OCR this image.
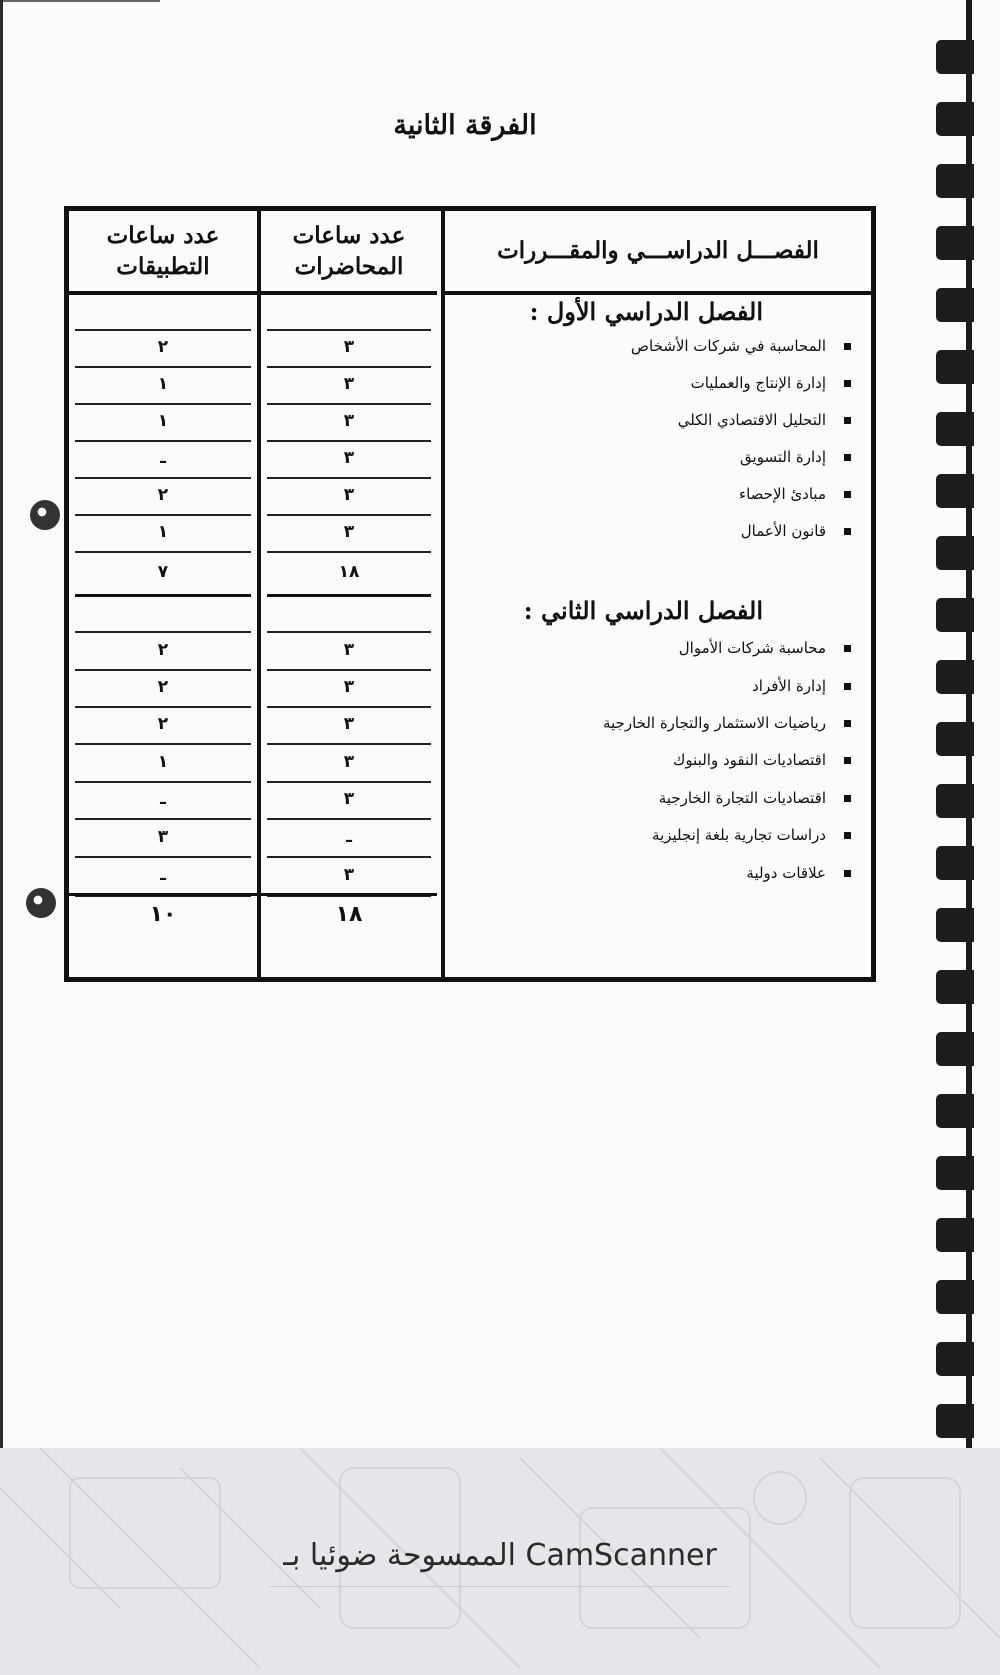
الفرقة الثانية
الفصـــل الدراســـي والمقـــررات
الفصل الدراسي الأول :
المحاسبة في شركات الأشخاص
إدارة الإنتاج والعمليات
التحليل الاقتصادي الكلي
إدارة التسويق
مبادئ الإحصاء
قانون الأعمال
الفصل الدراسي الثاني :
محاسبة شركات الأموال
إدارة الأفراد
رياضيات الاستثمار والتجارة الخارجية
اقتصاديات النقود والبنوك
اقتصاديات التجارة الخارجية
دراسات تجارية بلغة إنجليزية
علاقات دولية
عدد ساعات المحاضرات
٣
٣
٣
٣
٣
٣
١٨
٣
٣
٣
٣
٣
ـ
٣
١٨
عدد ساعات التطبيقات
٢
١
١
ـ
٢
١
٧
٢
٢
٢
١
ـ
٣
ـ
١٠
الممسوحة ضوئيا بـ CamScanner
